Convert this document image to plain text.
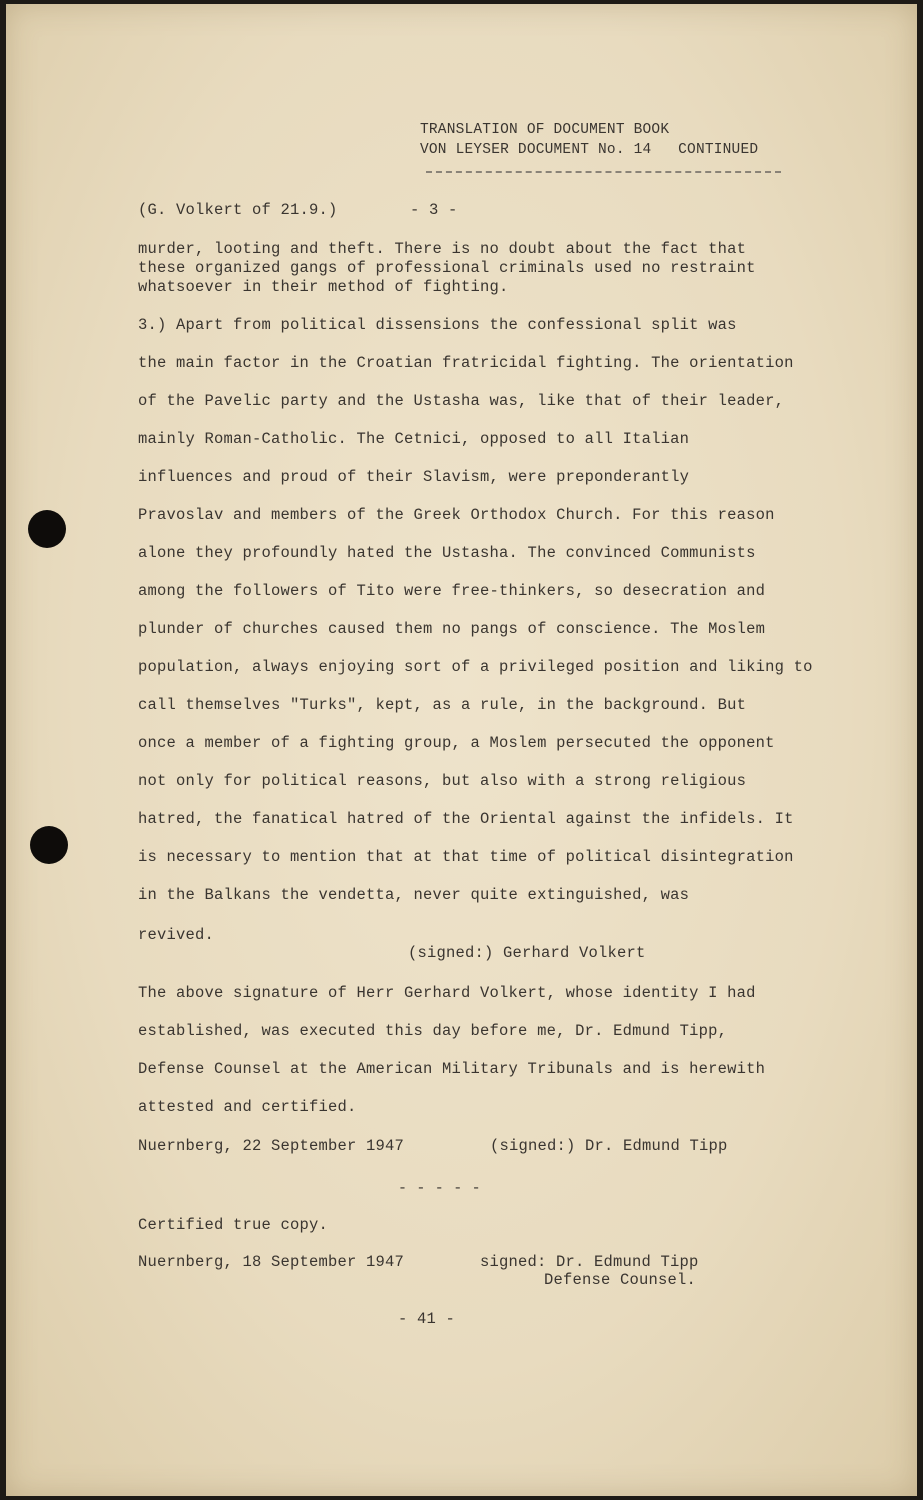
TRANSLATION OF DOCUMENT BOOK
VON LEYSER DOCUMENT No. 14   CONTINUED
(G. Volkert of 21.9.)	- 3 -
murder, looting and theft. There is no doubt about the fact that
these organized gangs of professional criminals used no restraint
whatsoever in their method of fighting.
3.) Apart from political dissensions the confessional split was
the main factor in the Croatian fratricidal fighting. The orientation
of the Pavelic party and the Ustasha was, like that of their leader,
mainly Roman-Catholic. The Cetnici, opposed to all Italian
influences and proud of their Slavism, were preponderantly
Pravoslav and members of the Greek Orthodox Church. For this reason
alone they profoundly hated the Ustasha. The convinced Communists
among the followers of Tito were free-thinkers, so desecration and
plunder of churches caused them no pangs of conscience. The Moslem
population, always enjoying sort of a privileged position and liking to
call themselves "Turks", kept, as a rule, in the background. But
once a member of a fighting group, a Moslem persecuted the opponent
not only for political reasons, but also with a strong religious
hatred, the fanatical hatred of the Oriental against the infidels. It
is necessary to mention that at that time of political disintegration
in the Balkans the vendetta, never quite extinguished, was
revived.
(signed:) Gerhard Volkert
The above signature of Herr Gerhard Volkert, whose identity I had
established, was executed this day before me, Dr. Edmund Tipp,
Defense Counsel at the American Military Tribunals and is herewith
attested and certified.
Nuernberg, 22 September 1947	(signed:) Dr. Edmund Tipp
- - - - -
Certified true copy.
Nuernberg, 18 September 1947	signed: Dr. Edmund Tipp
Defense Counsel.
- 41 -
